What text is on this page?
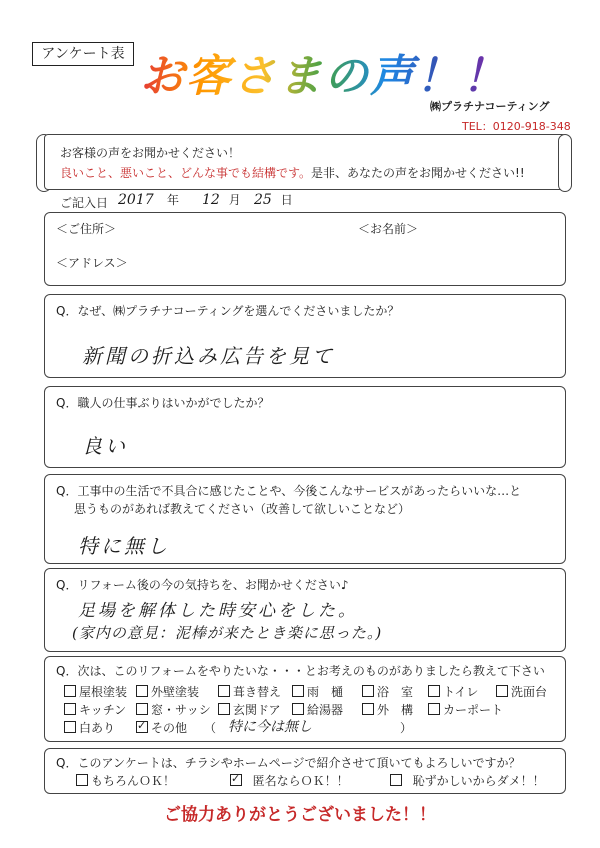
アンケート表 お客さまの声！！
㈱プラチナコーティング
TEL：0120-918-348
お客様の声をお聞かせください！
良いこと、悪いこと、どんな事でも結構です。是非、あなたの声をお聞かせください!!
ご記入日 2017 年 12 月 25 日
＜ご住所＞	＜お名前＞
＜アドレス＞
Q．なぜ、㈱プラチナコーティングを選んでくださいましたか？
新聞の折込み広告を見て
Q．職人の仕事ぶりはいかがでしたか？
良い
Q．工事中の生活で不具合に感じたことや、今後こんなサービスがあったらいいな…と
思うものがあれば教えてください（改善して欲しいことなど）
特に無し
Q．リフォーム後の今の気持ちを、お聞かせください♪
足場を解体した時安心をした。
(家内の意見：泥棒が来たとき楽に思った。)
Q．次は、このリフォームをやりたいな・・・とお考えのものがありましたら教えて下さい
屋根塗装	外壁塗装	葺き替え	雨　樋	浴　室	トイレ	洗面台
キッチン	窓・サッシ	玄関ドア	給湯器	外　構	カーポート
白あり ✓	その他 （ 特に今は無し	）
Q．このアンケートは、チラシやホームページで紹介させて頂いてもよろしいですか？
もちろんＯＫ！ ✓	匿名ならＯＫ！！	恥ずかしいからダメ！！
ご協力ありがとうございました！！
